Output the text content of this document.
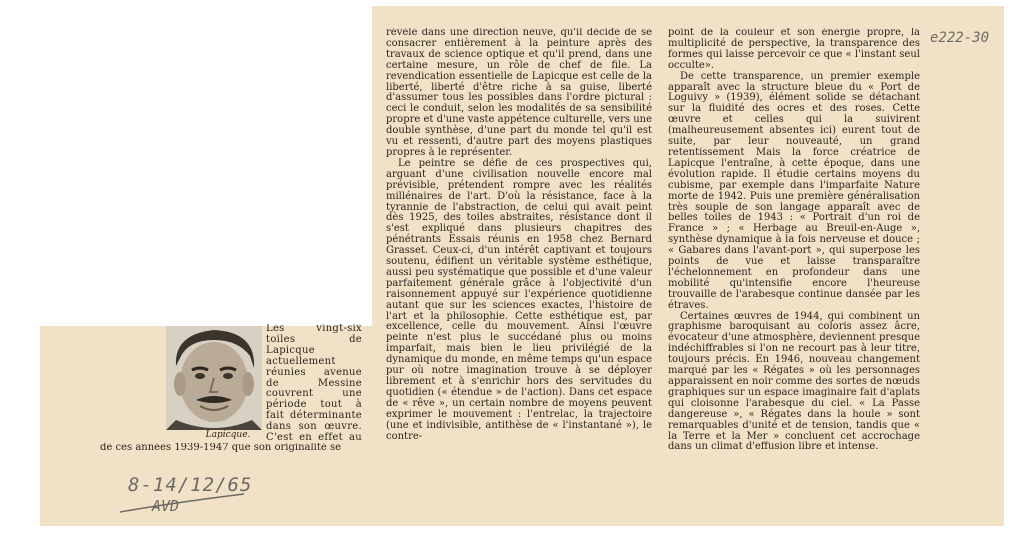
Lapicque.

Les vingt-six toiles de Lapicque actuellement réunies avenue de Messine couvrent une période tout à fait déterminante dans son œuvre. C'est en effet au

de ces années 1939-1947 que son originalité se

révèle dans une direction neuve, qu'il décide de se consacrer entièrement à la peinture après des travaux de science optique et qu'il prend, dans une certaine mesure, un rôle de chef de file. La revendication essentielle de Lapicque est celle de la liberté, liberté d'être riche à sa guise, liberté d'assumer tous les possibles dans l'ordre pictural : ceci le conduit, selon les modalités de sa sensibilité propre et d'une vaste appétence culturelle, vers une double synthèse, d'une part du monde tel qu'il est vu et ressenti, d'autre part des moyens plastiques propres à le représenter.

Le peintre se défie de ces prospectives qui, arguant d'une civilisation nouvelle encore mal prévisible, prétendent rompre avec les réalités millénaires de l'art. D'où la résistance, face à la tyrannie de l'abstraction, de celui qui avait peint dès 1925, des toiles abstraites, résistance dont il s'est expliqué dans plusieurs chapitres des pénétrants Essais réunis en 1958 chez Bernard Grasset. Ceux-ci, d'un intérêt captivant et toujours soutenu, édifient un véritable système esthétique, aussi peu systématique que possible et d'une valeur parfaitement générale grâce à l'objectivité d'un raisonnement appuyé sur l'expérience quotidienne autant que sur les sciences exactes, l'histoire de l'art et la philosophie. Cette esthétique est, par excellence, celle du mouvement. Ainsi l'œuvre peinte n'est plus le succédané plus ou moins imparfait, mais bien le lieu privilégié de la dynamique du monde, en même temps qu'un espace pur où notre imagination trouve à se déployer librement et à s'enrichir hors des servitudes du quotidien (« étendue » de l'action). Dans cet espace de « rêve », un certain nombre de moyens peuvent exprimer le mouvement : l'entrelac, la trajectoire (une et indivisible, antithèse de « l'instantané »), le contre-

point de la couleur et son énergie propre, la multiplicité de perspective, la transparence des formes qui laisse percevoir ce que « l'instant seul occulte».

De cette transparence, un premier exemple apparaît avec la structure bleue du « Port de Loguivy » (1939), élément solide se détachant sur la fluidité des ocres et des roses. Cette œuvre et celles qui la suivirent (malheureusement absentes ici) eurent tout de suite, par leur nouveauté, un grand retentissement Mais la force créatrice de Lapicque l'entraîne, à cette époque, dans une évolution rapide. Il étudie certains moyens du cubisme, par exemple dans l'imparfaite Nature morte de 1942. Puis une première généralisation très souple de son langage apparaît avec de belles toiles de 1943 : « Portrait d'un roi de France » ; « Herbage au Breuil-en-Auge », synthèse dynamique à la fois nerveuse et douce ; « Gabares dans l'avant-port », qui superpose les points de vue et laisse transparaître l'échelonnement en profondeur dans une mobilité qu'intensifie encore l'heureuse trouvaille de l'arabesque continue dansée par les étraves.

Certaines œuvres de 1944, qui combinent un graphisme baroquisant au coloris assez âcre, évocateur d'une atmosphère, deviennent presque indéchiffrables si l'on ne recourt pas à leur titre, toujours précis. En 1946, nouveau changement marqué par les « Régates » où les personnages apparaissent en noir comme des sortes de nœuds graphiques sur un espace imaginaire fait d'aplats qui cloisonne l'arabesque du ciel. « La Passe dangereuse », « Régates dans la houle » sont remarquables d'unité et de tension, tandis que « la Terre et la Mer » concluent cet accrochage dans un climat d'effusion libre et intense.

e222-30
8-14/12/65
AVD
